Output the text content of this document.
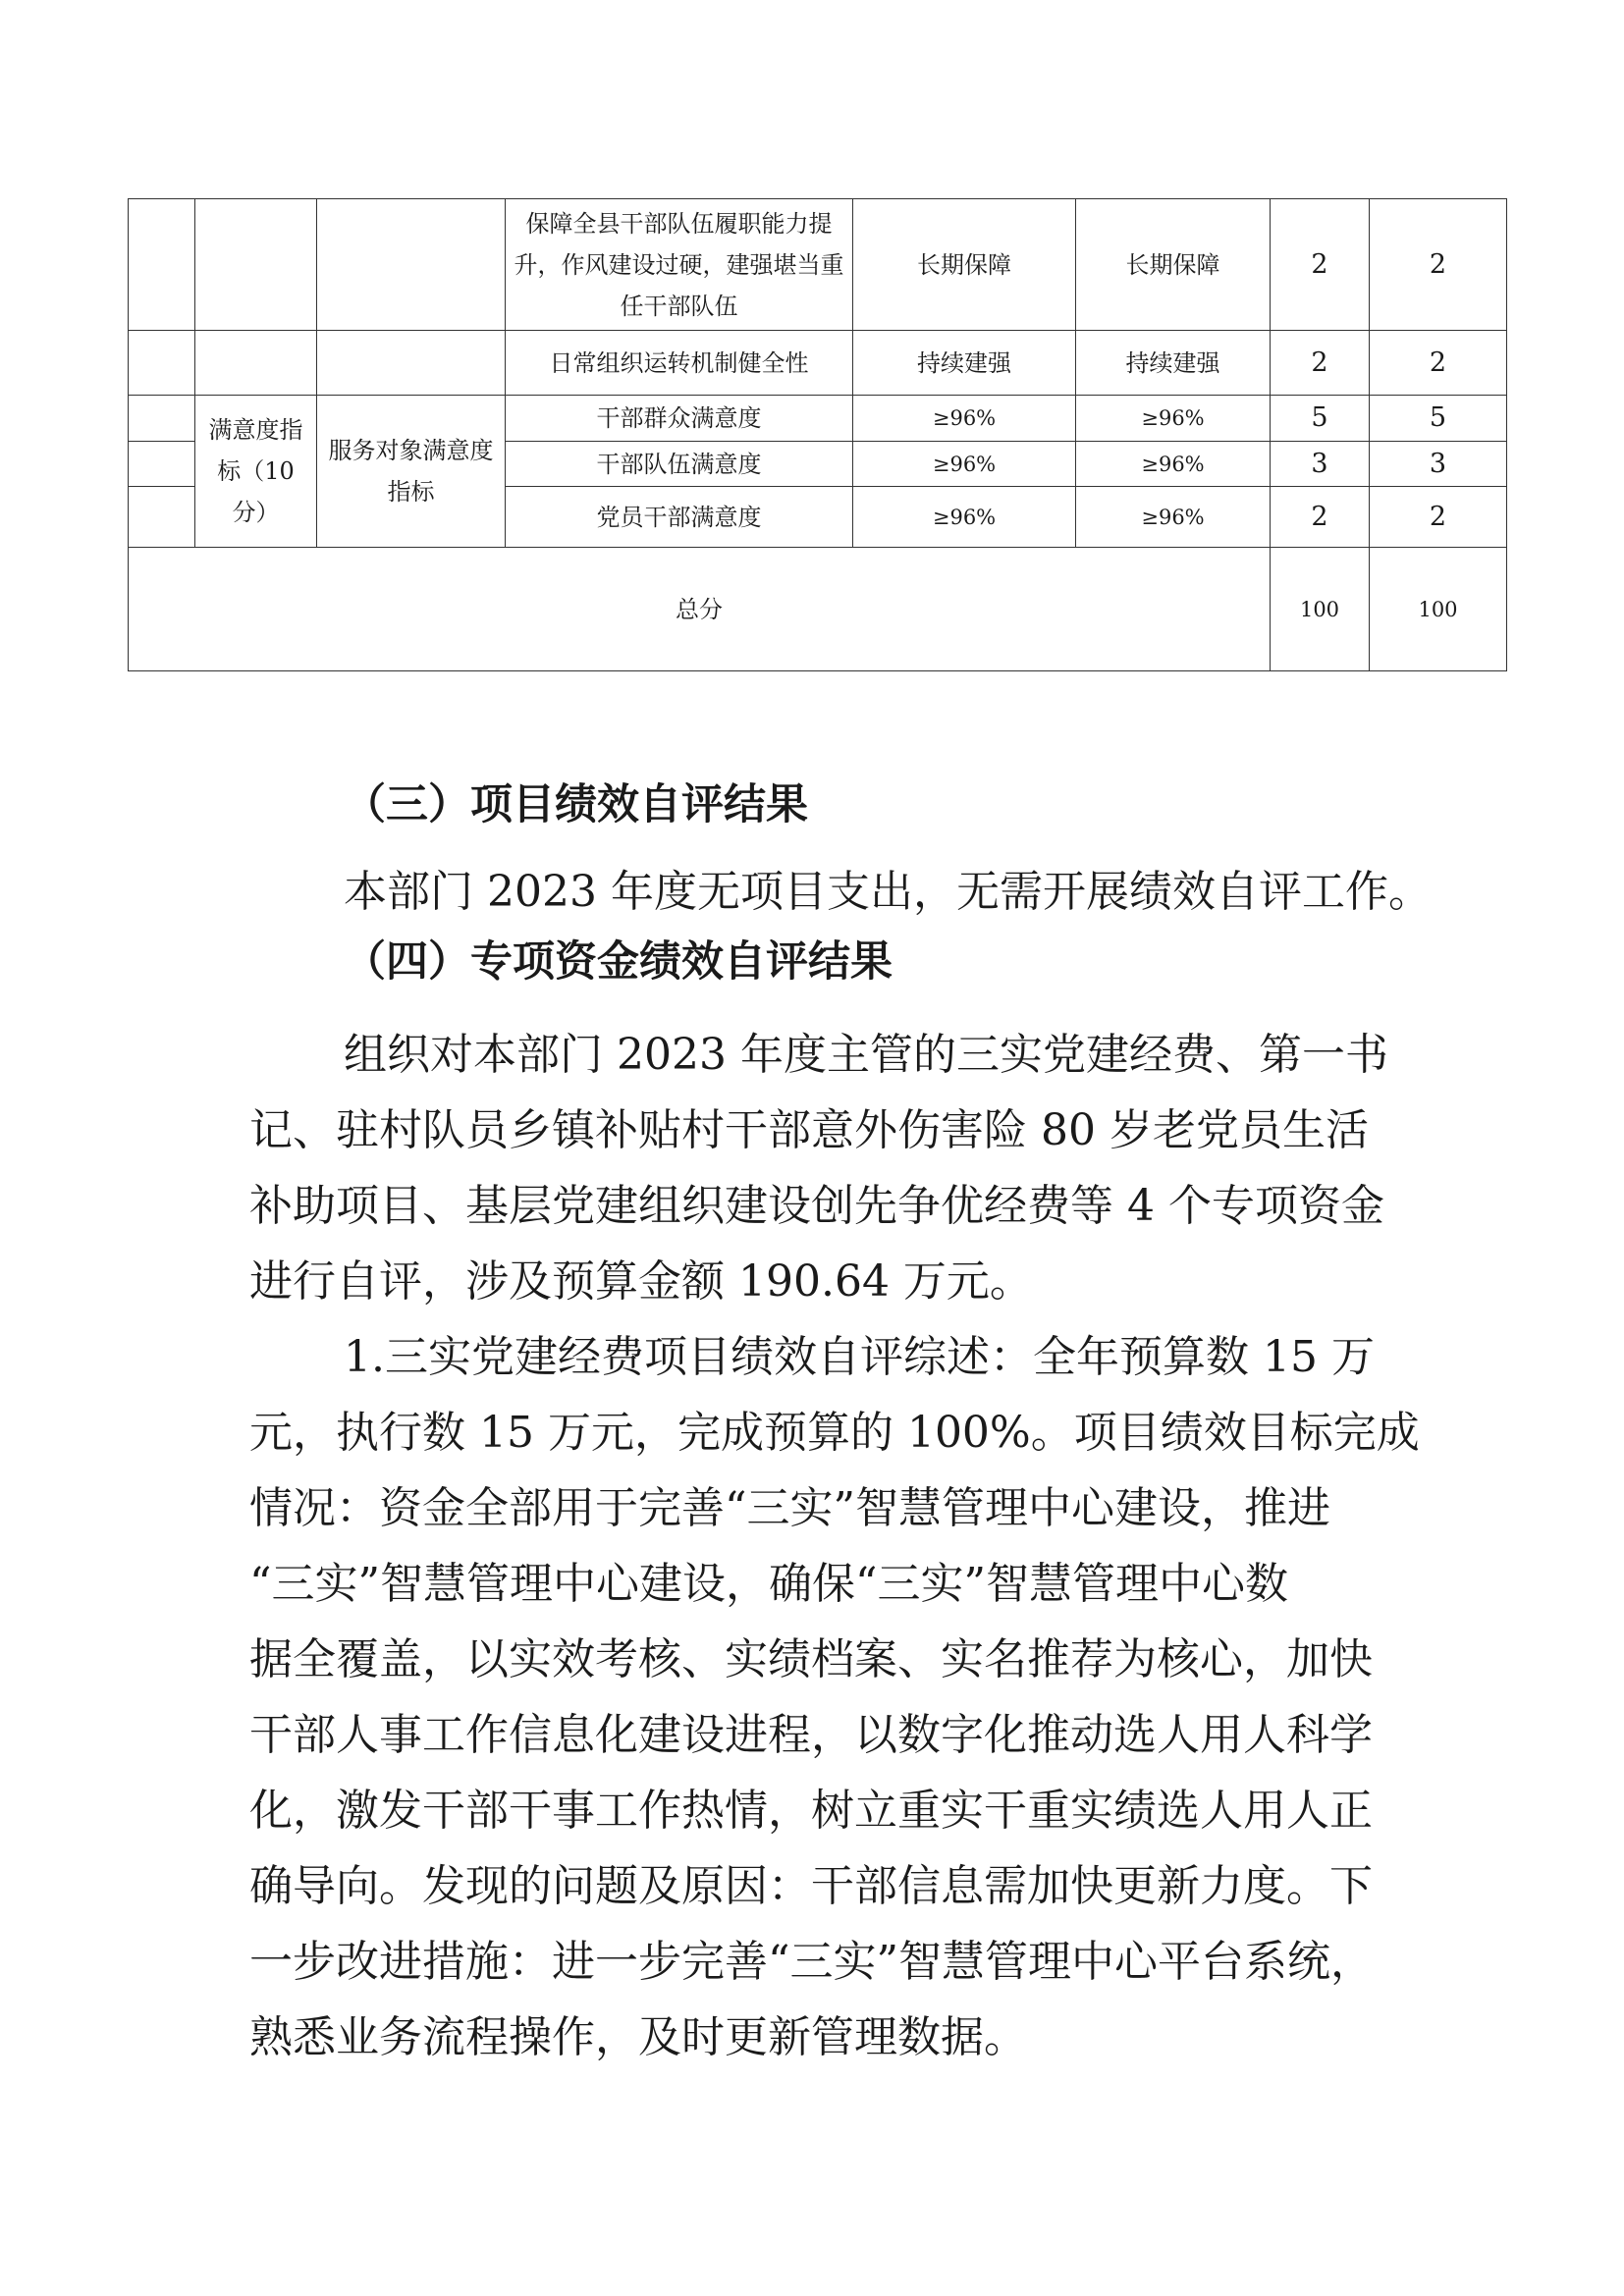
			保障全县干部队伍履职能力提升，作风建设过硬，建强堪当重任干部队伍	长期保障	长期保障	2	2
			日常组织运转机制健全性	持续建强	持续建强	2	2
	满意度指标（10分）	服务对象满意度指标	干部群众满意度	≥96%	≥96%	5	5
			干部队伍满意度	≥96%	≥96%	3	3
			党员干部满意度	≥96%	≥96%	2	2
总分						100	100
（三）项目绩效自评结果

本部门 2023 年度无项目支出，无需开展绩效自评工作。

（四）专项资金绩效自评结果

组织对本部门 2023 年度主管的三实党建经费、第一书

记、驻村队员乡镇补贴村干部意外伤害险 80 岁老党员生活

补助项目、基层党建组织建设创先争优经费等 4 个专项资金

进行自评，涉及预算金额 190.64 万元。

1.三实党建经费项目绩效自评综述：全年预算数 15 万

元，执行数 15 万元，完成预算的 100%。项目绩效目标完成

情况：资金全部用于完善“三实”智慧管理中心建设，推进

“三实”智慧管理中心建设，确保“三实”智慧管理中心数

据全覆盖，以实效考核、实绩档案、实名推荐为核心，加快

干部人事工作信息化建设进程，以数字化推动选人用人科学

化，激发干部干事工作热情，树立重实干重实绩选人用人正

确导向。发现的问题及原因：干部信息需加快更新力度。下

一步改进措施：进一步完善“三实”智慧管理中心平台系统，

熟悉业务流程操作，及时更新管理数据。
